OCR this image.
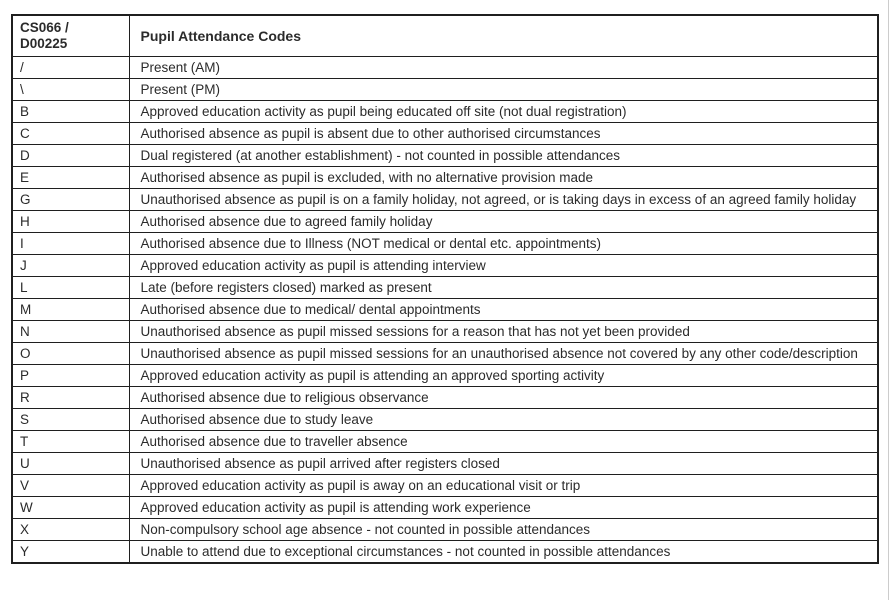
CS066 /
D00225	Pupil Attendance Codes
/	Present (AM)
\	Present (PM)
B	Approved education activity as pupil being educated off site (not dual registration)
C	Authorised absence as pupil is absent due to other authorised circumstances
D	Dual registered (at another establishment) - not counted in possible attendances
E	Authorised absence as pupil is excluded, with no alternative provision made
G	Unauthorised absence as pupil is on a family holiday, not agreed, or is taking days in excess of an agreed family holiday
H	Authorised absence due to agreed family holiday
I	Authorised absence due to Illness (NOT medical or dental etc. appointments)
J	Approved education activity as pupil is attending interview
L	Late (before registers closed) marked as present
M	Authorised absence due to medical/ dental appointments
N	Unauthorised absence as pupil missed sessions for a reason that has not yet been provided
O	Unauthorised absence as pupil missed sessions for an unauthorised absence not covered by any other code/description
P	Approved education activity as pupil is attending an approved sporting activity
R	Authorised absence due to religious observance
S	Authorised absence due to study leave
T	Authorised absence due to traveller absence
U	Unauthorised absence as pupil arrived after registers closed
V	Approved education activity as pupil is away on an educational visit or trip
W	Approved education activity as pupil is attending work experience
X	Non-compulsory school age absence - not counted in possible attendances
Y	Unable to attend due to exceptional circumstances - not counted in possible attendances
